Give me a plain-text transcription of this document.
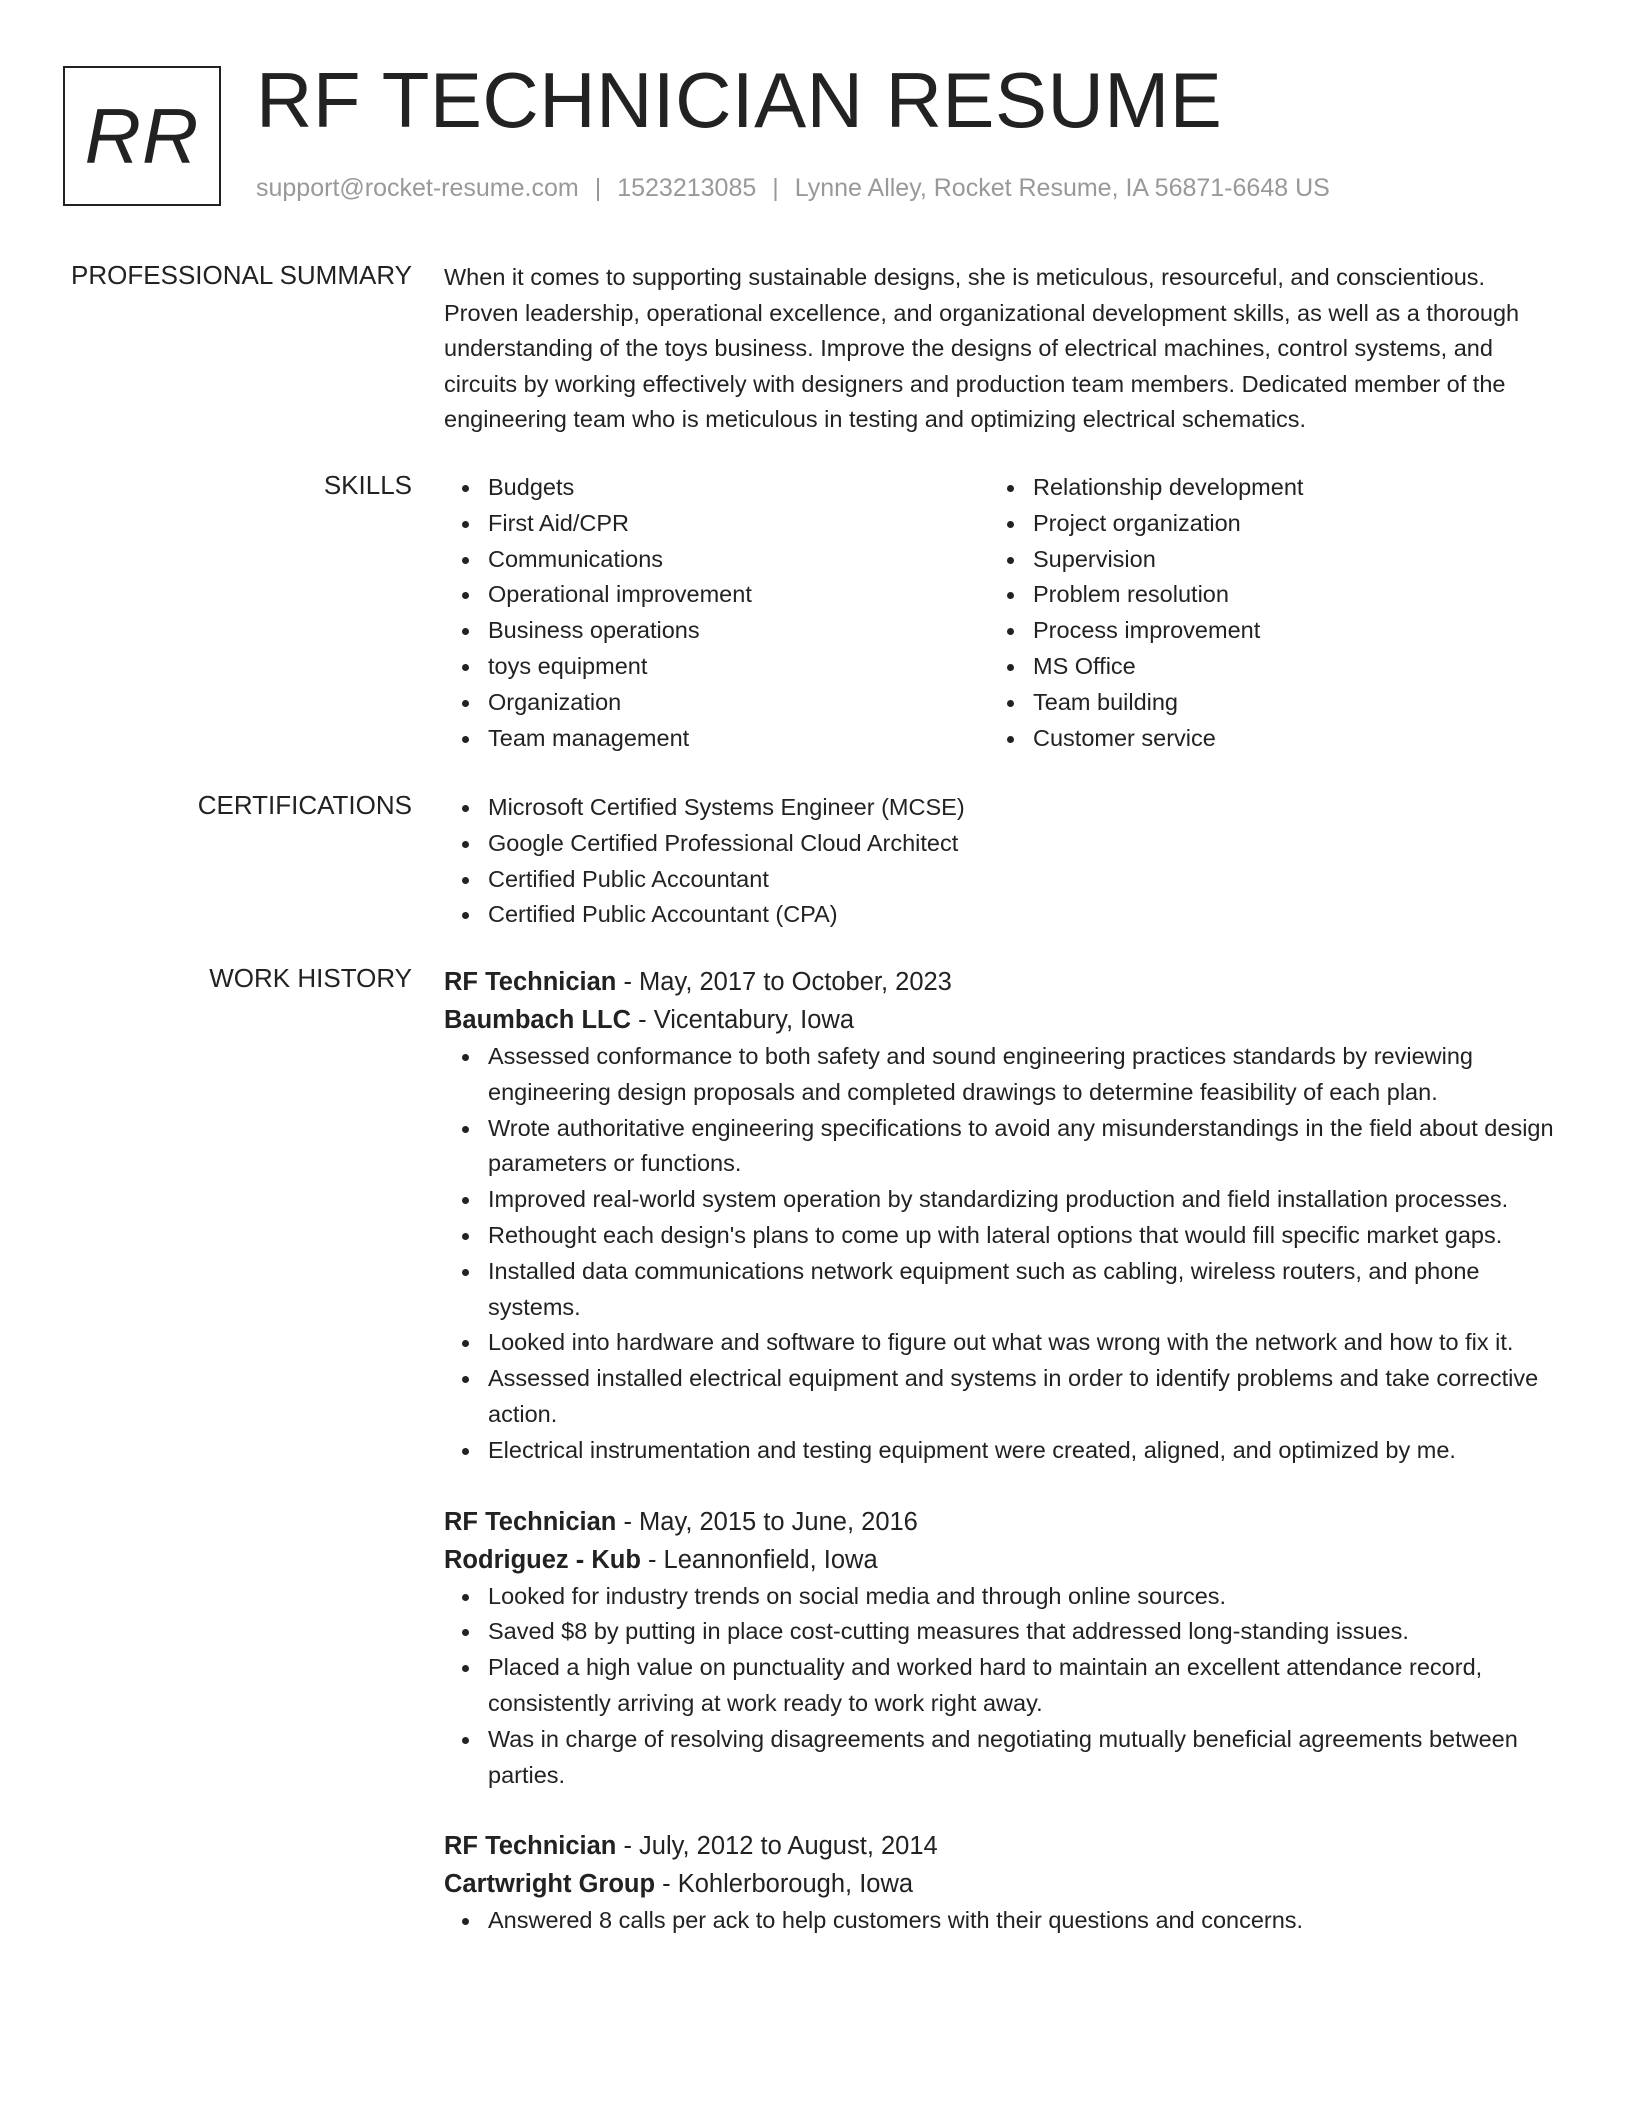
RR RF TECHNICIAN RESUME
support@rocket-resume.com | 1523213085 | Lynne Alley, Rocket Resume, IA 56871-6648 US
PROFESSIONAL SUMMARY When it comes to supporting sustainable designs, she is meticulous, resourceful, and conscientious. Proven leadership, operational excellence, and organizational development skills, as well as a thorough understanding of the toys business. Improve the designs of electrical machines, control systems, and circuits by working effectively with designers and production team members. Dedicated member of the engineering team who is meticulous in testing and optimizing electrical schematics.
SKILLS	Budgets
First Aid/CPR
Communications
Operational improvement
Business operations
toys equipment
Organization
Team management
Relationship development
Project organization
Supervision
Problem resolution
Process improvement
MS Office
Team building
Customer service
CERTIFICATIONS	Microsoft Certified Systems Engineer (MCSE)
Google Certified Professional Cloud Architect
Certified Public Accountant
Certified Public Accountant (CPA)
WORK HISTORY RF Technician - May, 2017 to October, 2023
Baumbach LLC - Vicentabury, Iowa
Assessed conformance to both safety and sound engineering practices standards by reviewing engineering design proposals and completed drawings to determine feasibility of each plan.
Wrote authoritative engineering specifications to avoid any misunderstandings in the field about design parameters or functions.
Improved real-world system operation by standardizing production and field installation processes.
Rethought each design's plans to come up with lateral options that would fill specific market gaps.
Installed data communications network equipment such as cabling, wireless routers, and phone systems.
Looked into hardware and software to figure out what was wrong with the network and how to fix it.
Assessed installed electrical equipment and systems in order to identify problems and take corrective action.
Electrical instrumentation and testing equipment were created, aligned, and optimized by me.
RF Technician - May, 2015 to June, 2016
Rodriguez - Kub - Leannonfield, Iowa
Looked for industry trends on social media and through online sources.
Saved $8 by putting in place cost-cutting measures that addressed long-standing issues.
Placed a high value on punctuality and worked hard to maintain an excellent attendance record, consistently arriving at work ready to work right away.
Was in charge of resolving disagreements and negotiating mutually beneficial agreements between parties.
RF Technician - July, 2012 to August, 2014
Cartwright Group - Kohlerborough, Iowa
Answered 8 calls per ack to help customers with their questions and concerns.
